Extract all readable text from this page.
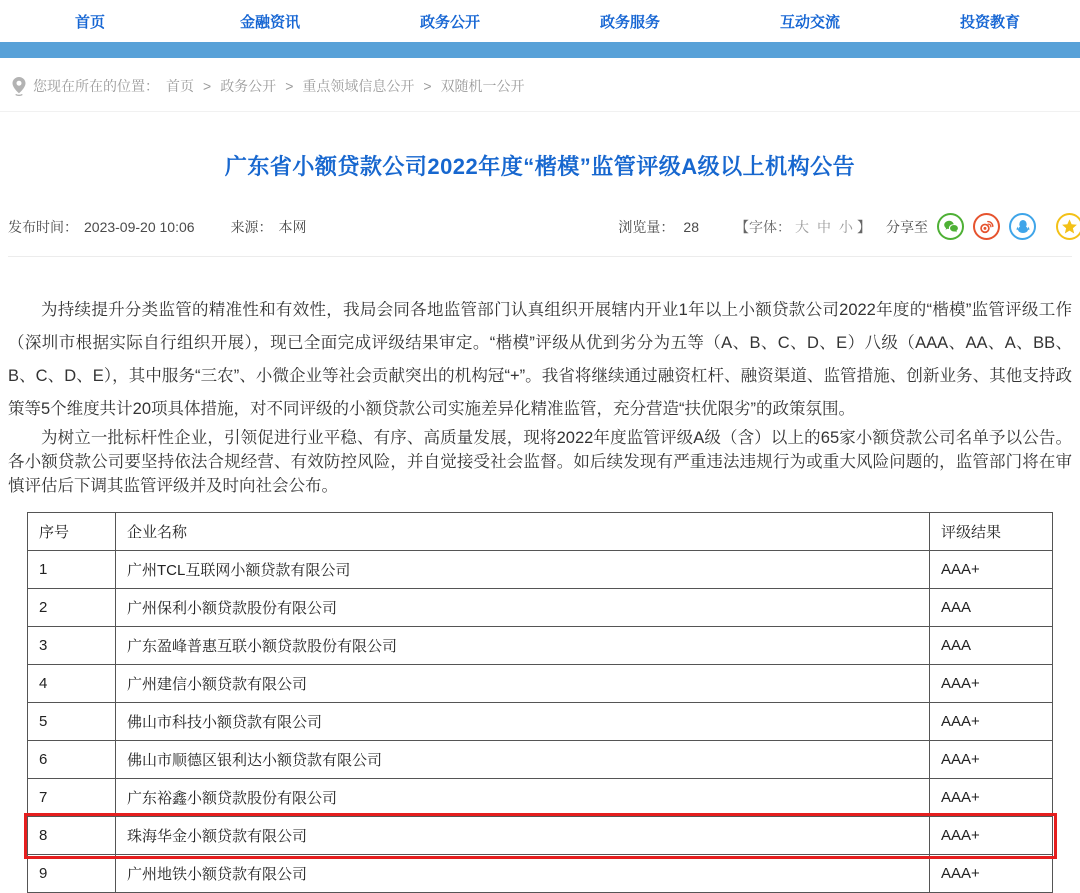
首页	金融资讯	政务公开	政务服务	互动交流	投资教育
您现在所在的位置： 首页 > 政务公开 > 重点领域信息公开 > 双随机一公开
广东省小额贷款公司2022年度“楷模”监管评级A级以上机构公告
发布时间： 2023-09-20 10:06	来源： 本网	浏览量： 28	【字体： 大 中 小 】 分享至

为持续提升分类监管的精准性和有效性，我局会同各地监管部门认真组织开展辖内开业1年以上小额贷款公司2022年度的“楷模”监管评级工作（深圳市根据实际自行组织开展），现已全面完成评级结果审定。“楷模”评级从优到劣分为五等（A、B、C、D、E）八级（AAA、AA、A、BB、B、C、D、E），其中服务“三农”、小微企业等社会贡献突出的机构冠“+”。我省将继续通过融资杠杆、融资渠道、监管措施、创新业务、其他支持政策等5个维度共计20项具体措施，对不同评级的小额贷款公司实施差异化精准监管，充分营造“扶优限劣”的政策氛围。

为树立一批标杆性企业，引领促进行业平稳、有序、高质量发展，现将2022年度监管评级A级（含）以上的65家小额贷款公司名单予以公告。各小额贷款公司要坚持依法合规经营、有效防控风险，并自觉接受社会监督。如后续发现有严重违法违规行为或重大风险问题的，监管部门将在审慎评估后下调其监管评级并及时向社会公布。

序号	企业名称	评级结果
1	广州TCL互联网小额贷款有限公司	AAA+
2	广州保利小额贷款股份有限公司	AAA
3	广东盈峰普惠互联小额贷款股份有限公司	AAA
4	广州建信小额贷款有限公司	AAA+
5	佛山市科技小额贷款有限公司	AAA+
6	佛山市顺德区银利达小额贷款有限公司	AAA+
7	广东裕鑫小额贷款股份有限公司	AAA+
8	珠海华金小额贷款有限公司	AAA+
9	广州地铁小额贷款有限公司	AAA+
